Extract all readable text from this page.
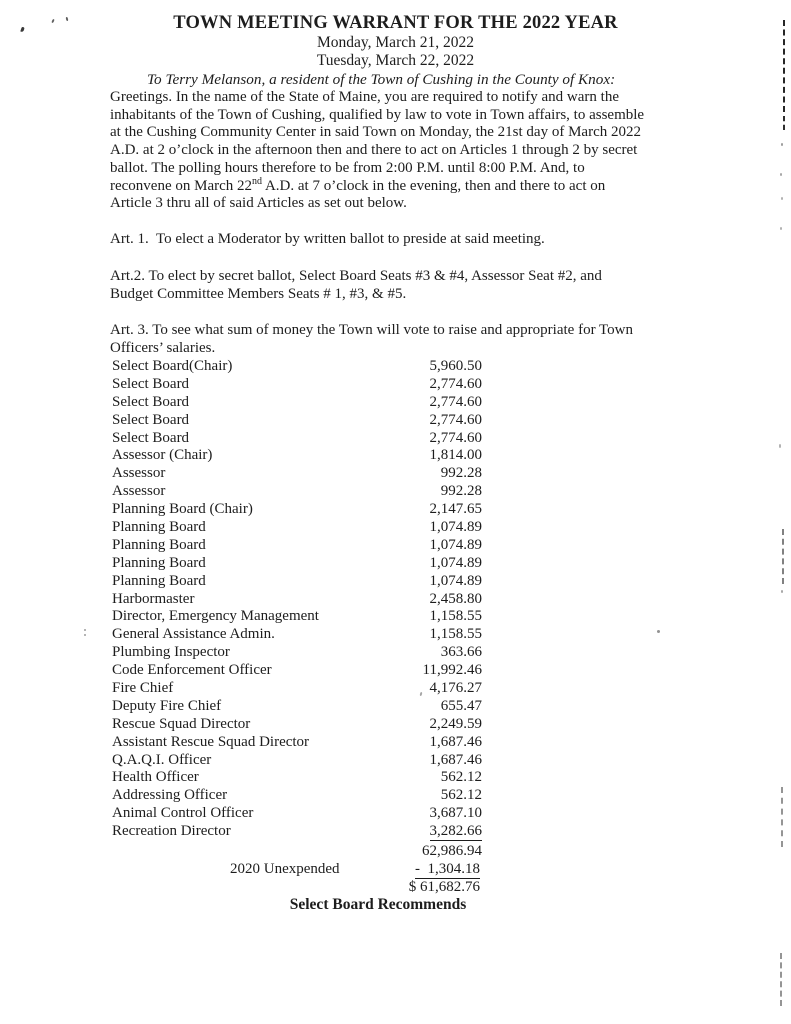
TOWN MEETING WARRANT FOR THE 2022 YEAR
Monday, March 21, 2022
Tuesday, March 22, 2022
To Terry Melanson, a resident of the Town of Cushing in the County of Knox:
Greetings. In the name of the State of Maine, you are required to notify and warn the
inhabitants of the Town of Cushing, qualified by law to vote in Town affairs, to assemble
at the Cushing Community Center in said Town on Monday, the 21st day of March 2022
A.D. at 2 o’clock in the afternoon then and there to act on Articles 1 through 2 by secret
ballot. The polling hours therefore to be from 2:00 P.M. until 8:00 P.M. And, to
reconvene on March 22nd A.D. at 7 o’clock in the evening, then and there to act on
Article 3 thru all of said Articles as set out below.
Art. 1.  To elect a Moderator by written ballot to preside at said meeting.
Art.2. To elect by secret ballot, Select Board Seats #3 & #4, Assessor Seat #2, and
Budget Committee Members Seats # 1, #3, & #5.
Art. 3. To see what sum of money the Town will vote to raise and appropriate for Town
Officers’ salaries.
Select Board(Chair)	5,960.50
Select Board	2,774.60
Select Board	2,774.60
Select Board	2,774.60
Select Board	2,774.60
Assessor (Chair)	1,814.00
Assessor	992.28
Assessor	992.28
Planning Board (Chair)	2,147.65
Planning Board	1,074.89
Planning Board	1,074.89
Planning Board	1,074.89
Planning Board	1,074.89
Harbormaster	2,458.80
Director, Emergency Management	1,158.55
General Assistance Admin.	1,158.55
Plumbing Inspector	363.66
Code Enforcement Officer	11,992.46
Fire Chief	4,176.27
Deputy Fire Chief	655.47
Rescue Squad Director	2,249.59
Assistant Rescue Squad Director	1,687.46
Q.A.Q.I. Officer	1,687.46
Health Officer	562.12
Addressing Officer	562.12
Animal Control Officer	3,687.10
Recreation Director	3,282.66
62,986.94
2020 Unexpended	-  1,304.18
$ 61,682.76
Select Board Recommends
